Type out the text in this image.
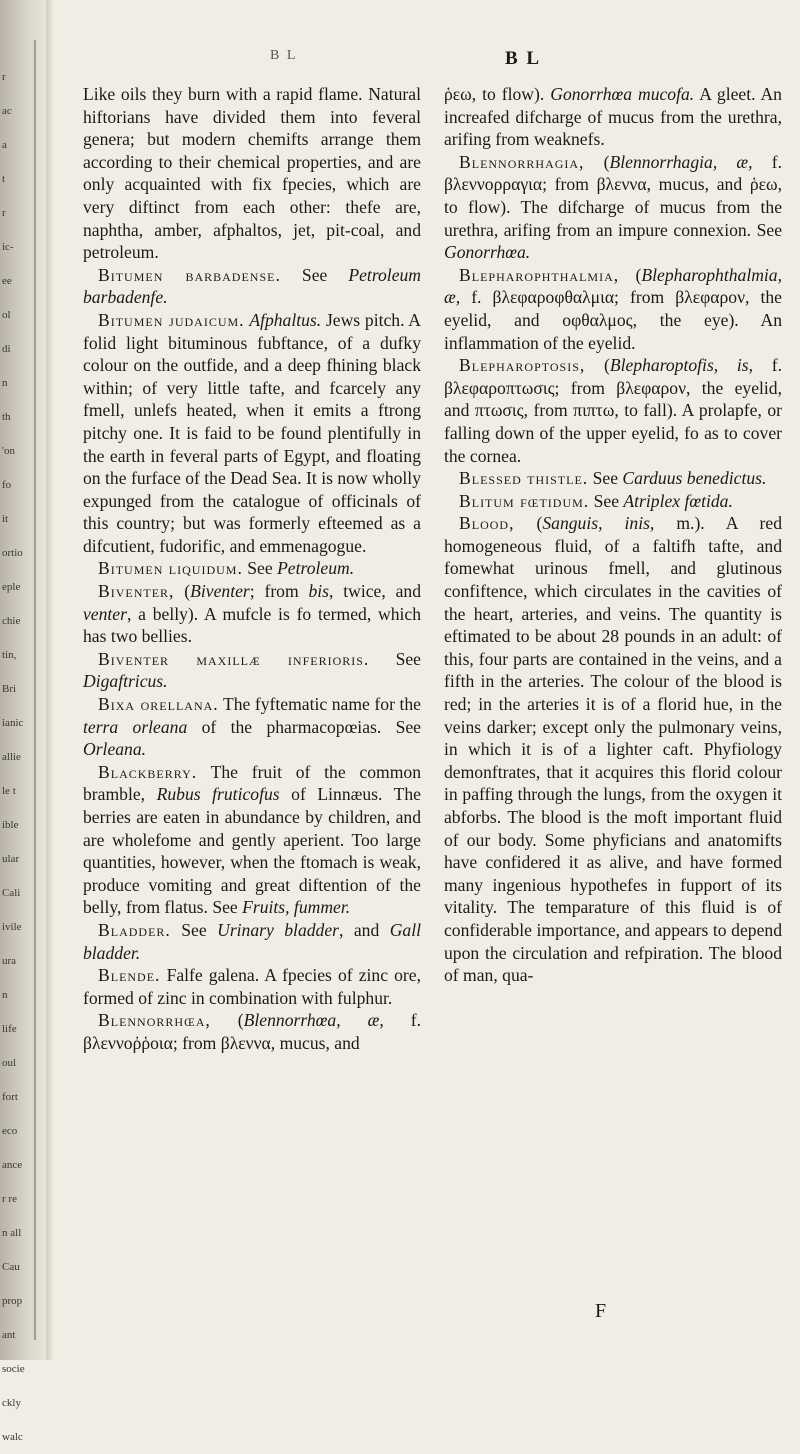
r
ac
a
t
r
ic-
ee
ol
di
n
th
'on
fo
it
ortio
eple
chie
tin,
Bri
ianic
allie
le t
ible
ular
Cali
ivile
ura
n
life
oul
fort
eco
ance
r re
n all
Cau
prop
ant
socie
ckly
walc
B L	B L

Like oils they burn with a rapid flame. Natural hiftorians have divided them into feveral genera; but modern chemifts arrange them according to their chemical properties, and are only acquainted with fix fpecies, which are very diftinct from each other: thefe are, naphtha, amber, afphaltos, jet, pit-coal, and petroleum.

Bitumen barbadense. See Petroleum barbadenfe.

Bitumen judaicum. Afphaltus. Jews pitch. A folid light bituminous fubftance, of a dufky colour on the outfide, and a deep fhining black within; of very little tafte, and fcarcely any fmell, unlefs heated, when it emits a ftrong pitchy one. It is faid to be found plentifully in the earth in feveral parts of Egypt, and floating on the furface of the Dead Sea. It is now wholly expunged from the catalogue of officinals of this country; but was formerly efteemed as a difcutient, fudorific, and emmenagogue.

Bitumen liquidum. See Petroleum.

Biventer, (Biventer; from bis, twice, and venter, a belly). A mufcle is fo termed, which has two bellies.

Biventer maxillæ inferioris. See Digaftricus.

Bixa orellana. The fyftematic name for the terra orleana of the pharmacopœias. See Orleana.

Blackberry. The fruit of the common bramble, Rubus fruticofus of Linnæus. The berries are eaten in abundance by children, and are wholefome and gently aperient. Too large quantities, however, when the ftomach is weak, produce vomiting and great diftention of the belly, from flatus. See Fruits, fummer.

Bladder. See Urinary bladder, and Gall bladder.

Blende. Falfe galena. A fpecies of zinc ore, formed of zinc in combination with fulphur.

Blennorrhœa, (Blennorrhœa, æ, f. βλεννοῤῥοια; from βλεννα, mucus, and

ῥεω, to flow). Gonorrhœa mucofa. A gleet. An increafed difcharge of mucus from the urethra, arifing from weaknefs.

Blennorrhagia, (Blennorrhagia, æ, f. βλεννορραγια; from βλεννα, mucus, and ῥεω, to flow). The difcharge of mucus from the urethra, arifing from an impure connexion. See Gonorrhœa.

Blepharophthalmia, (Blepharophthalmia, æ, f. βλεφαροφθαλμια; from βλεφαρον, the eyelid, and οφθαλμος, the eye). An inflammation of the eyelid.

Blepharoptosis, (Blepharoptofis, is, f. βλεφαροπτωσις; from βλεφαρον, the eyelid, and πτωσις, from πιπτω, to fall). A prolapfe, or falling down of the upper eyelid, fo as to cover the cornea.

Blessed thistle. See Carduus benedictus.

Blitum fœtidum. See Atriplex fœtida.

Blood, (Sanguis, inis, m.). A red homogeneous fluid, of a faltifh tafte, and fomewhat urinous fmell, and glutinous confiftence, which circulates in the cavities of the heart, arteries, and veins. The quantity is eftimated to be about 28 pounds in an adult: of this, four parts are contained in the veins, and a fifth in the arteries. The colour of the blood is red; in the arteries it is of a florid hue, in the veins darker; except only the pulmonary veins, in which it is of a lighter caft. Phyfiology demonftrates, that it acquires this florid colour in paffing through the lungs, from the oxygen it abforbs. The blood is the moft important fluid of our body. Some phyficians and anatomifts have confidered it as alive, and have formed many ingenious hypothefes in fupport of its vitality. The temparature of this fluid is of confiderable importance, and appears to depend upon the circulation and refpiration. The blood of man, qua-

F
